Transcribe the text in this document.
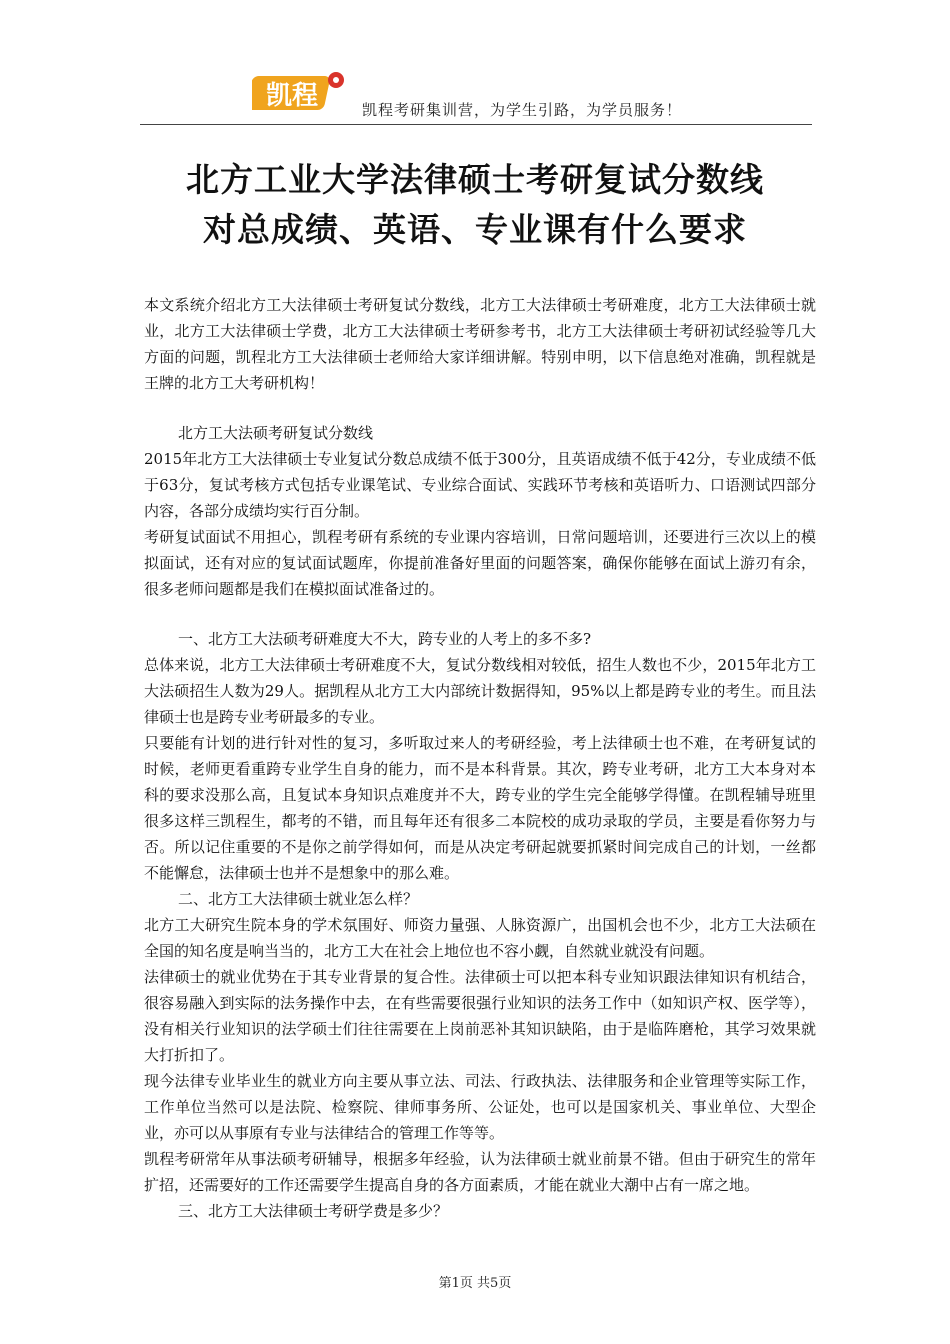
凯程	凯程考研集训营，为学生引路，为学员服务！
北方工业大学法律硕士考研复试分数线
对总成绩、英语、专业课有什么要求

本文系统介绍北方工大法律硕士考研复试分数线，北方工大法律硕士考研难度，北方工大法律硕士就业，北方工大法律硕士学费，北方工大法律硕士考研参考书，北方工大法律硕士考研初试经验等几大方面的问题，凯程北方工大法律硕士老师给大家详细讲解。特别申明，以下信息绝对准确，凯程就是王牌的北方工大考研机构！

北方工大法硕考研复试分数线

2015年北方工大法律硕士专业复试分数总成绩不低于300分，且英语成绩不低于42分，专业成绩不低于63分，复试考核方式包括专业课笔试、专业综合面试、实践环节考核和英语听力、口语测试四部分内容，各部分成绩均实行百分制。

考研复试面试不用担心，凯程考研有系统的专业课内容培训，日常问题培训，还要进行三次以上的模拟面试，还有对应的复试面试题库，你提前准备好里面的问题答案，确保你能够在面试上游刃有余，很多老师问题都是我们在模拟面试准备过的。

一、北方工大法硕考研难度大不大，跨专业的人考上的多不多?

总体来说，北方工大法律硕士考研难度不大，复试分数线相对较低，招生人数也不少，2015年北方工大法硕招生人数为29人。据凯程从北方工大内部统计数据得知，95%以上都是跨专业的考生。而且法律硕士也是跨专业考研最多的专业。

只要能有计划的进行针对性的复习，多听取过来人的考研经验，考上法律硕士也不难，在考研复试的时候，老师更看重跨专业学生自身的能力，而不是本科背景。其次，跨专业考研，北方工大本身对本科的要求没那么高，且复试本身知识点难度并不大，跨专业的学生完全能够学得懂。在凯程辅导班里很多这样三凯程生，都考的不错，而且每年还有很多二本院校的成功录取的学员，主要是看你努力与否。所以记住重要的不是你之前学得如何，而是从决定考研起就要抓紧时间完成自己的计划，一丝都不能懈怠，法律硕士也并不是想象中的那么难。

二、北方工大法律硕士就业怎么样？

北方工大研究生院本身的学术氛围好、师资力量强、人脉资源广，出国机会也不少，北方工大法硕在全国的知名度是响当当的，北方工大在社会上地位也不容小觑，自然就业就没有问题。

法律硕士的就业优势在于其专业背景的复合性。法律硕士可以把本科专业知识跟法律知识有机结合，很容易融入到实际的法务操作中去，在有些需要很强行业知识的法务工作中（如知识产权、医学等），没有相关行业知识的法学硕士们往往需要在上岗前恶补其知识缺陷，由于是临阵磨枪，其学习效果就大打折扣了。

现今法律专业毕业生的就业方向主要从事立法、司法、行政执法、法律服务和企业管理等实际工作，工作单位当然可以是法院、检察院、律师事务所、公证处，也可以是国家机关、事业单位、大型企业，亦可以从事原有专业与法律结合的管理工作等等。

凯程考研常年从事法硕考研辅导，根据多年经验，认为法律硕士就业前景不错。但由于研究生的常年扩招，还需要好的工作还需要学生提高自身的各方面素质，才能在就业大潮中占有一席之地。

三、北方工大法律硕士考研学费是多少？

第1页 共5页
